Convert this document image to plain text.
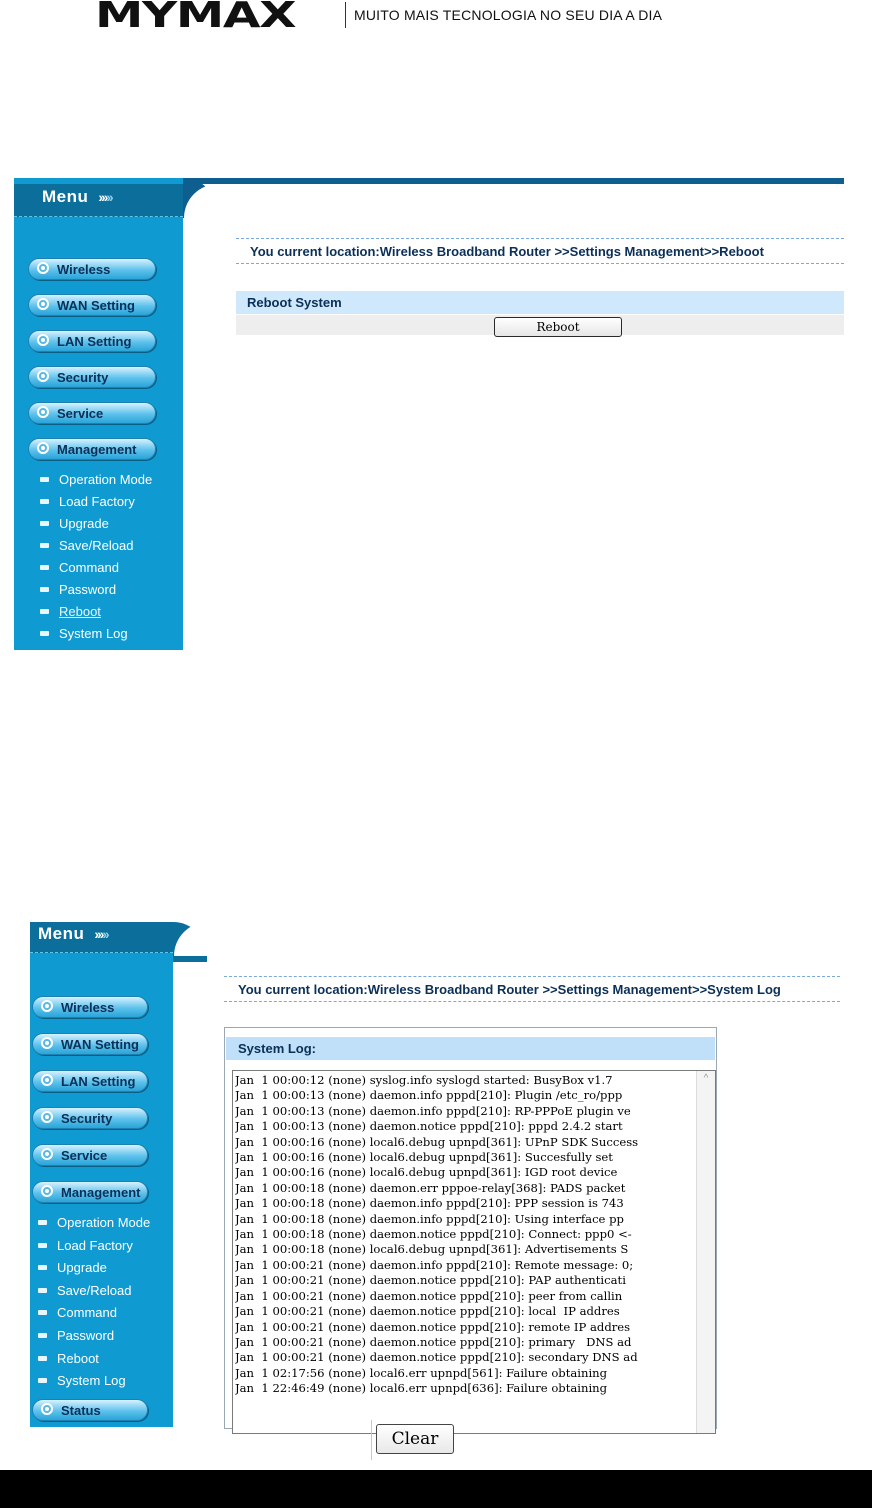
MYMAX	MUITO MAIS TECNOLOGIA NO SEU DIA A DIA
Menu ›››››
Wireless
WAN Setting
LAN Setting
Security
Service
Management
Operation Mode
Load Factory
Upgrade
Save/Reload
Command
Password
Reboot
System Log
You current location:Wireless Broadband Router >>Settings Management>>Reboot
Reboot System
Reboot
Menu ›››››
Wireless
WAN Setting
LAN Setting
Security
Service
Management
Operation Mode
Load Factory
Upgrade
Save/Reload
Command
Password
Reboot
System Log
Status
You current location:Wireless Broadband Router >>Settings Management>>System Log
System Log:
Jan  1 00:00:12 (none) syslog.info syslogd started: BusyBox v1.7
Jan  1 00:00:13 (none) daemon.info pppd[210]: Plugin /etc_ro/ppp
Jan  1 00:00:13 (none) daemon.info pppd[210]: RP-PPPoE plugin ve
Jan  1 00:00:13 (none) daemon.notice pppd[210]: pppd 2.4.2 start
Jan  1 00:00:16 (none) local6.debug upnpd[361]: UPnP SDK Success
Jan  1 00:00:16 (none) local6.debug upnpd[361]: Succesfully set
Jan  1 00:00:16 (none) local6.debug upnpd[361]: IGD root device
Jan  1 00:00:18 (none) daemon.err pppoe-relay[368]: PADS packet
Jan  1 00:00:18 (none) daemon.info pppd[210]: PPP session is 743
Jan  1 00:00:18 (none) daemon.info pppd[210]: Using interface pp
Jan  1 00:00:18 (none) daemon.notice pppd[210]: Connect: ppp0 <-
Jan  1 00:00:18 (none) local6.debug upnpd[361]: Advertisements S
Jan  1 00:00:21 (none) daemon.info pppd[210]: Remote message: 0;
Jan  1 00:00:21 (none) daemon.notice pppd[210]: PAP authenticati
Jan  1 00:00:21 (none) daemon.notice pppd[210]: peer from callin
Jan  1 00:00:21 (none) daemon.notice pppd[210]: local  IP addres
Jan  1 00:00:21 (none) daemon.notice pppd[210]: remote IP addres
Jan  1 00:00:21 (none) daemon.notice pppd[210]: primary   DNS ad
Jan  1 00:00:21 (none) daemon.notice pppd[210]: secondary DNS ad
Jan  1 02:17:56 (none) local6.err upnpd[561]: Failure obtaining
Jan  1 22:46:49 (none) local6.err upnpd[636]: Failure obtaining
^
Clear
